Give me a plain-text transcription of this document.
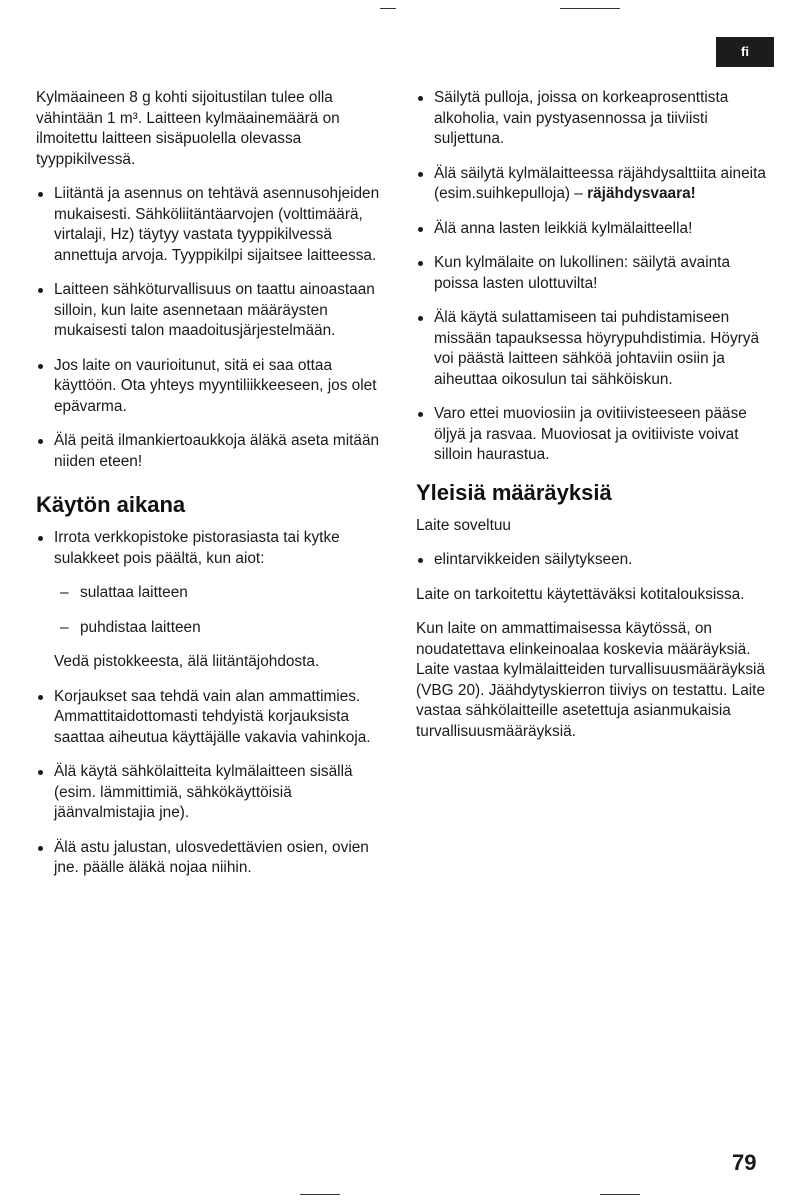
fi

Kylmäaineen 8 g kohti sijoitustilan tulee olla vähintään 1 m³. Laitteen kylmäainemäärä on ilmoitettu laitteen sisäpuolella olevassa tyyppikilvessä.

Liitäntä ja asennus on tehtävä asennusohjeiden mukaisesti. Sähköliitäntäarvojen (volttimäärä, virtalaji, Hz) täytyy vastata tyyppikilvessä annettuja arvoja. Tyyppikilpi sijaitsee laitteessa.
Laitteen sähköturvallisuus on taattu ainoastaan silloin, kun laite asennetaan määräysten mukaisesti talon maadoitusjärjestelmään.
Jos laite on vaurioitunut, sitä ei saa ottaa käyttöön. Ota yhteys myyntiliikkeeseen, jos olet epävarma.
Älä peitä ilmankiertoaukkoja äläkä aseta mitään niiden eteen!
Käytön aikana
Irrota verkkopistoke pistorasiasta tai kytke sulakkeet pois päältä, kun aiot:
– sulattaa laitteen
– puhdistaa laitteen

Vedä pistokkeesta, älä liitäntäjohdosta.

Korjaukset saa tehdä vain alan ammattimies. Ammattitaidottomasti tehdyistä korjauksista saattaa aiheutua käyttäjälle vakavia vahinkoja.
Älä käytä sähkölaitteita kylmälaitteen sisällä (esim. lämmittimiä, sähkökäyttöisiä jäänvalmistajia jne).
Älä astu jalustan, ulosvedettävien osien, ovien jne. päälle äläkä nojaa niihin.
Säilytä pulloja, joissa on korkeaprosenttista alkoholia, vain pystyasennossa ja tiiviisti suljettuna.
Älä säilytä kylmälaitteessa räjähdysalttiita aineita (esim.suihkepulloja) – räjähdysvaara!
Älä anna lasten leikkiä kylmälaitteella!
Kun kylmälaite on lukollinen: säilytä avainta poissa lasten ulottuvilta!
Älä käytä sulattamiseen tai puhdistamiseen missään tapauksessa höyrypuhdistimia. Höyryä voi päästä laitteen sähköä johtaviin osiin ja aiheuttaa oikosulun tai sähköiskun.
Varo ettei muoviosiin ja ovitiivisteeseen pääse öljyä ja rasvaa. Muoviosat ja ovitiiviste voivat silloin haurastua.
Yleisiä määräyksiä

Laite soveltuu

elintarvikkeiden säilytykseen.

Laite on tarkoitettu käytettäväksi kotitalouksissa.

Kun laite on ammattimaisessa käytössä, on noudatettava elinkeinoalaa koskevia määräyksiä. Laite vastaa kylmälaitteiden turvallisuusmääräyksiä (VBG 20). Jäähdytyskierron tiiviys on testattu. Laite vastaa sähkölaitteille asetettuja asianmukaisia turvallisuusmääräyksiä.

79
